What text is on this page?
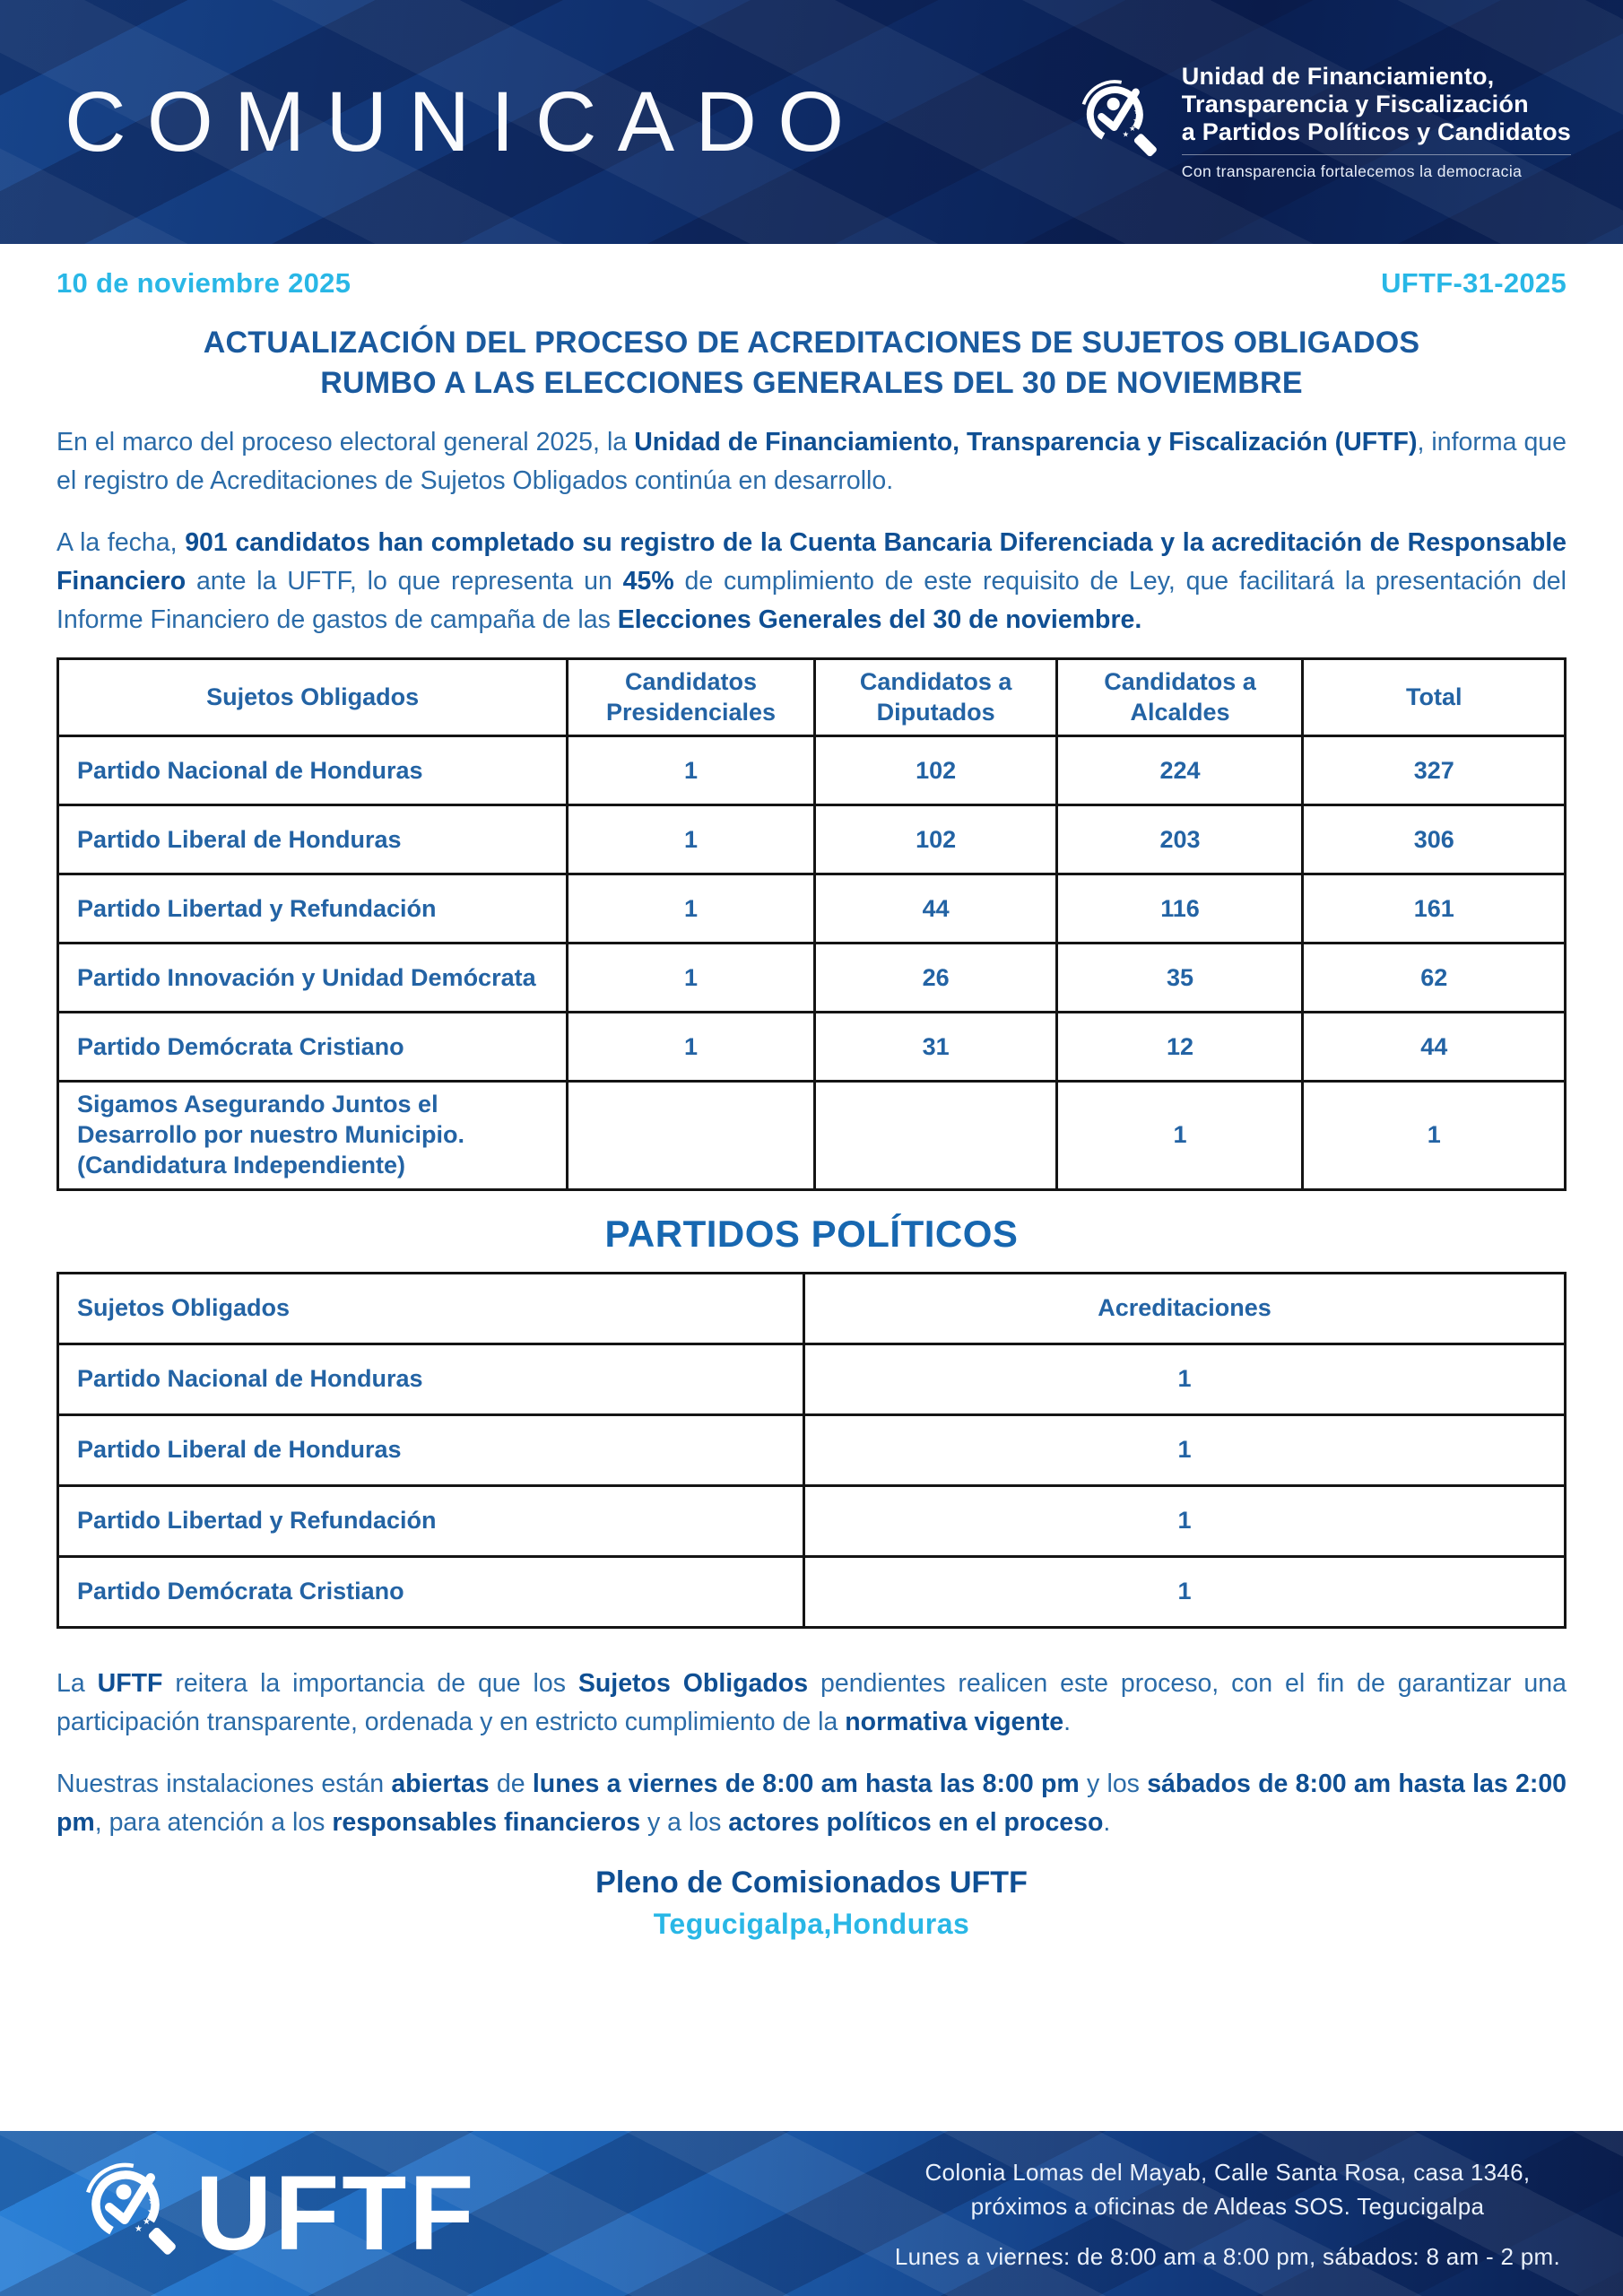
COMUNICADO	Unidad de Financiamiento,
Transparencia y Fiscalización
a Partidos Políticos y Candidatos
Con transparencia fortalecemos la democracia
10 de noviembre 2025	UFTF-31-2025
ACTUALIZACIÓN DEL PROCESO DE ACREDITACIONES DE SUJETOS OBLIGADOS
RUMBO A LAS ELECCIONES GENERALES DEL 30 DE NOVIEMBRE

En el marco del proceso electoral general 2025, la Unidad de Financiamiento, Transparencia y Fiscalización (UFTF), informa que el registro de Acreditaciones de Sujetos Obligados continúa en desarrollo.

A la fecha, 901 candidatos han completado su registro de la Cuenta Bancaria Diferenciada y la acreditación de Responsable Financiero ante la UFTF, lo que representa un 45% de cumplimiento de este requisito de Ley, que facilitará la presentación del Informe Financiero de gastos de campaña de las Elecciones Generales del 30 de noviembre.

Sujetos Obligados	Candidatos Presidenciales	Candidatos a Diputados	Candidatos a Alcaldes	Total
Partido Nacional de Honduras	1	102	224	327
Partido Liberal de Honduras	1	102	203	306
Partido Libertad y Refundación	1	44	116	161
Partido Innovación y Unidad Demócrata	1	26	35	62
Partido Demócrata Cristiano	1	31	12	44
Sigamos Asegurando Juntos el Desarrollo por nuestro Municipio. (Candidatura Independiente)			1	1
PARTIDOS POLÍTICOS
Sujetos Obligados	Acreditaciones
Partido Nacional de Honduras	1
Partido Liberal de Honduras	1
Partido Libertad y Refundación	1
Partido Demócrata Cristiano	1

La UFTF reitera la importancia de que los Sujetos Obligados pendientes realicen este proceso, con el fin de garantizar una participación transparente, ordenada y en estricto cumplimiento de la normativa vigente.

Nuestras instalaciones están abiertas de lunes a viernes de 8:00 am hasta las 8:00 pm y los sábados de 8:00 am hasta las 2:00 pm, para atención a los responsables financieros y a los actores políticos en el proceso.

Pleno de Comisionados UFTF
Tegucigalpa,Honduras
UFTF	Colonia Lomas del Mayab, Calle Santa Rosa, casa 1346,
próximos a oficinas de Aldeas SOS. Tegucigalpa
Lunes a viernes: de 8:00 am a 8:00 pm, sábados: 8 am - 2 pm.
